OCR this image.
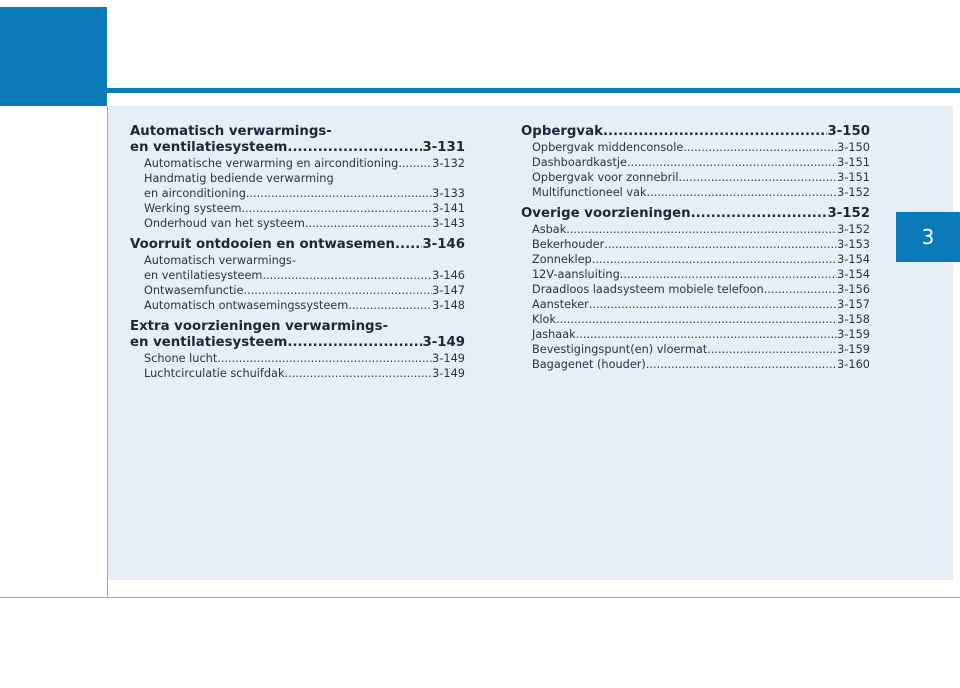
3
Automatisch verwarmings-
en ventilatiesysteem .....	3-131
Automatische verwarming en airconditioning .....	3-132
Handmatig bediende verwarming
en airconditioning .....	3-133
Werking systeem .....	3-141
Onderhoud van het systeem .....	3-143
Voorruit ontdooien en ontwasemen ..... 3-146
Automatisch verwarmings-
en ventilatiesysteem .....	3-146
Ontwasemfunctie .....	3-147
Automatisch ontwasemingssysteem .....	3-148
Extra voorzieningen verwarmings-
en ventilatiesysteem .....	3-149
Schone lucht .....	3-149
Luchtcirculatie schuifdak .....	3-149
Opbergvak .....	3-150
Opbergvak middenconsole .....	3-150
Dashboardkastje .....	3-151
Opbergvak voor zonnebril .....	3-151
Multifunctioneel vak .....	3-152
Overige voorzieningen .....	3-152
Asbak .....	3-152
Bekerhouder .....	3-153
Zonneklep .....	3-154
12V-aansluiting .....	3-154
Draadloos laadsysteem mobiele telefoon .....	3-156
Aansteker .....	3-157
Klok .....	3-158
Jashaak .....	3-159
Bevestigingspunt(en) vloermat .....	3-159
Bagagenet (houder) .....	3-160
